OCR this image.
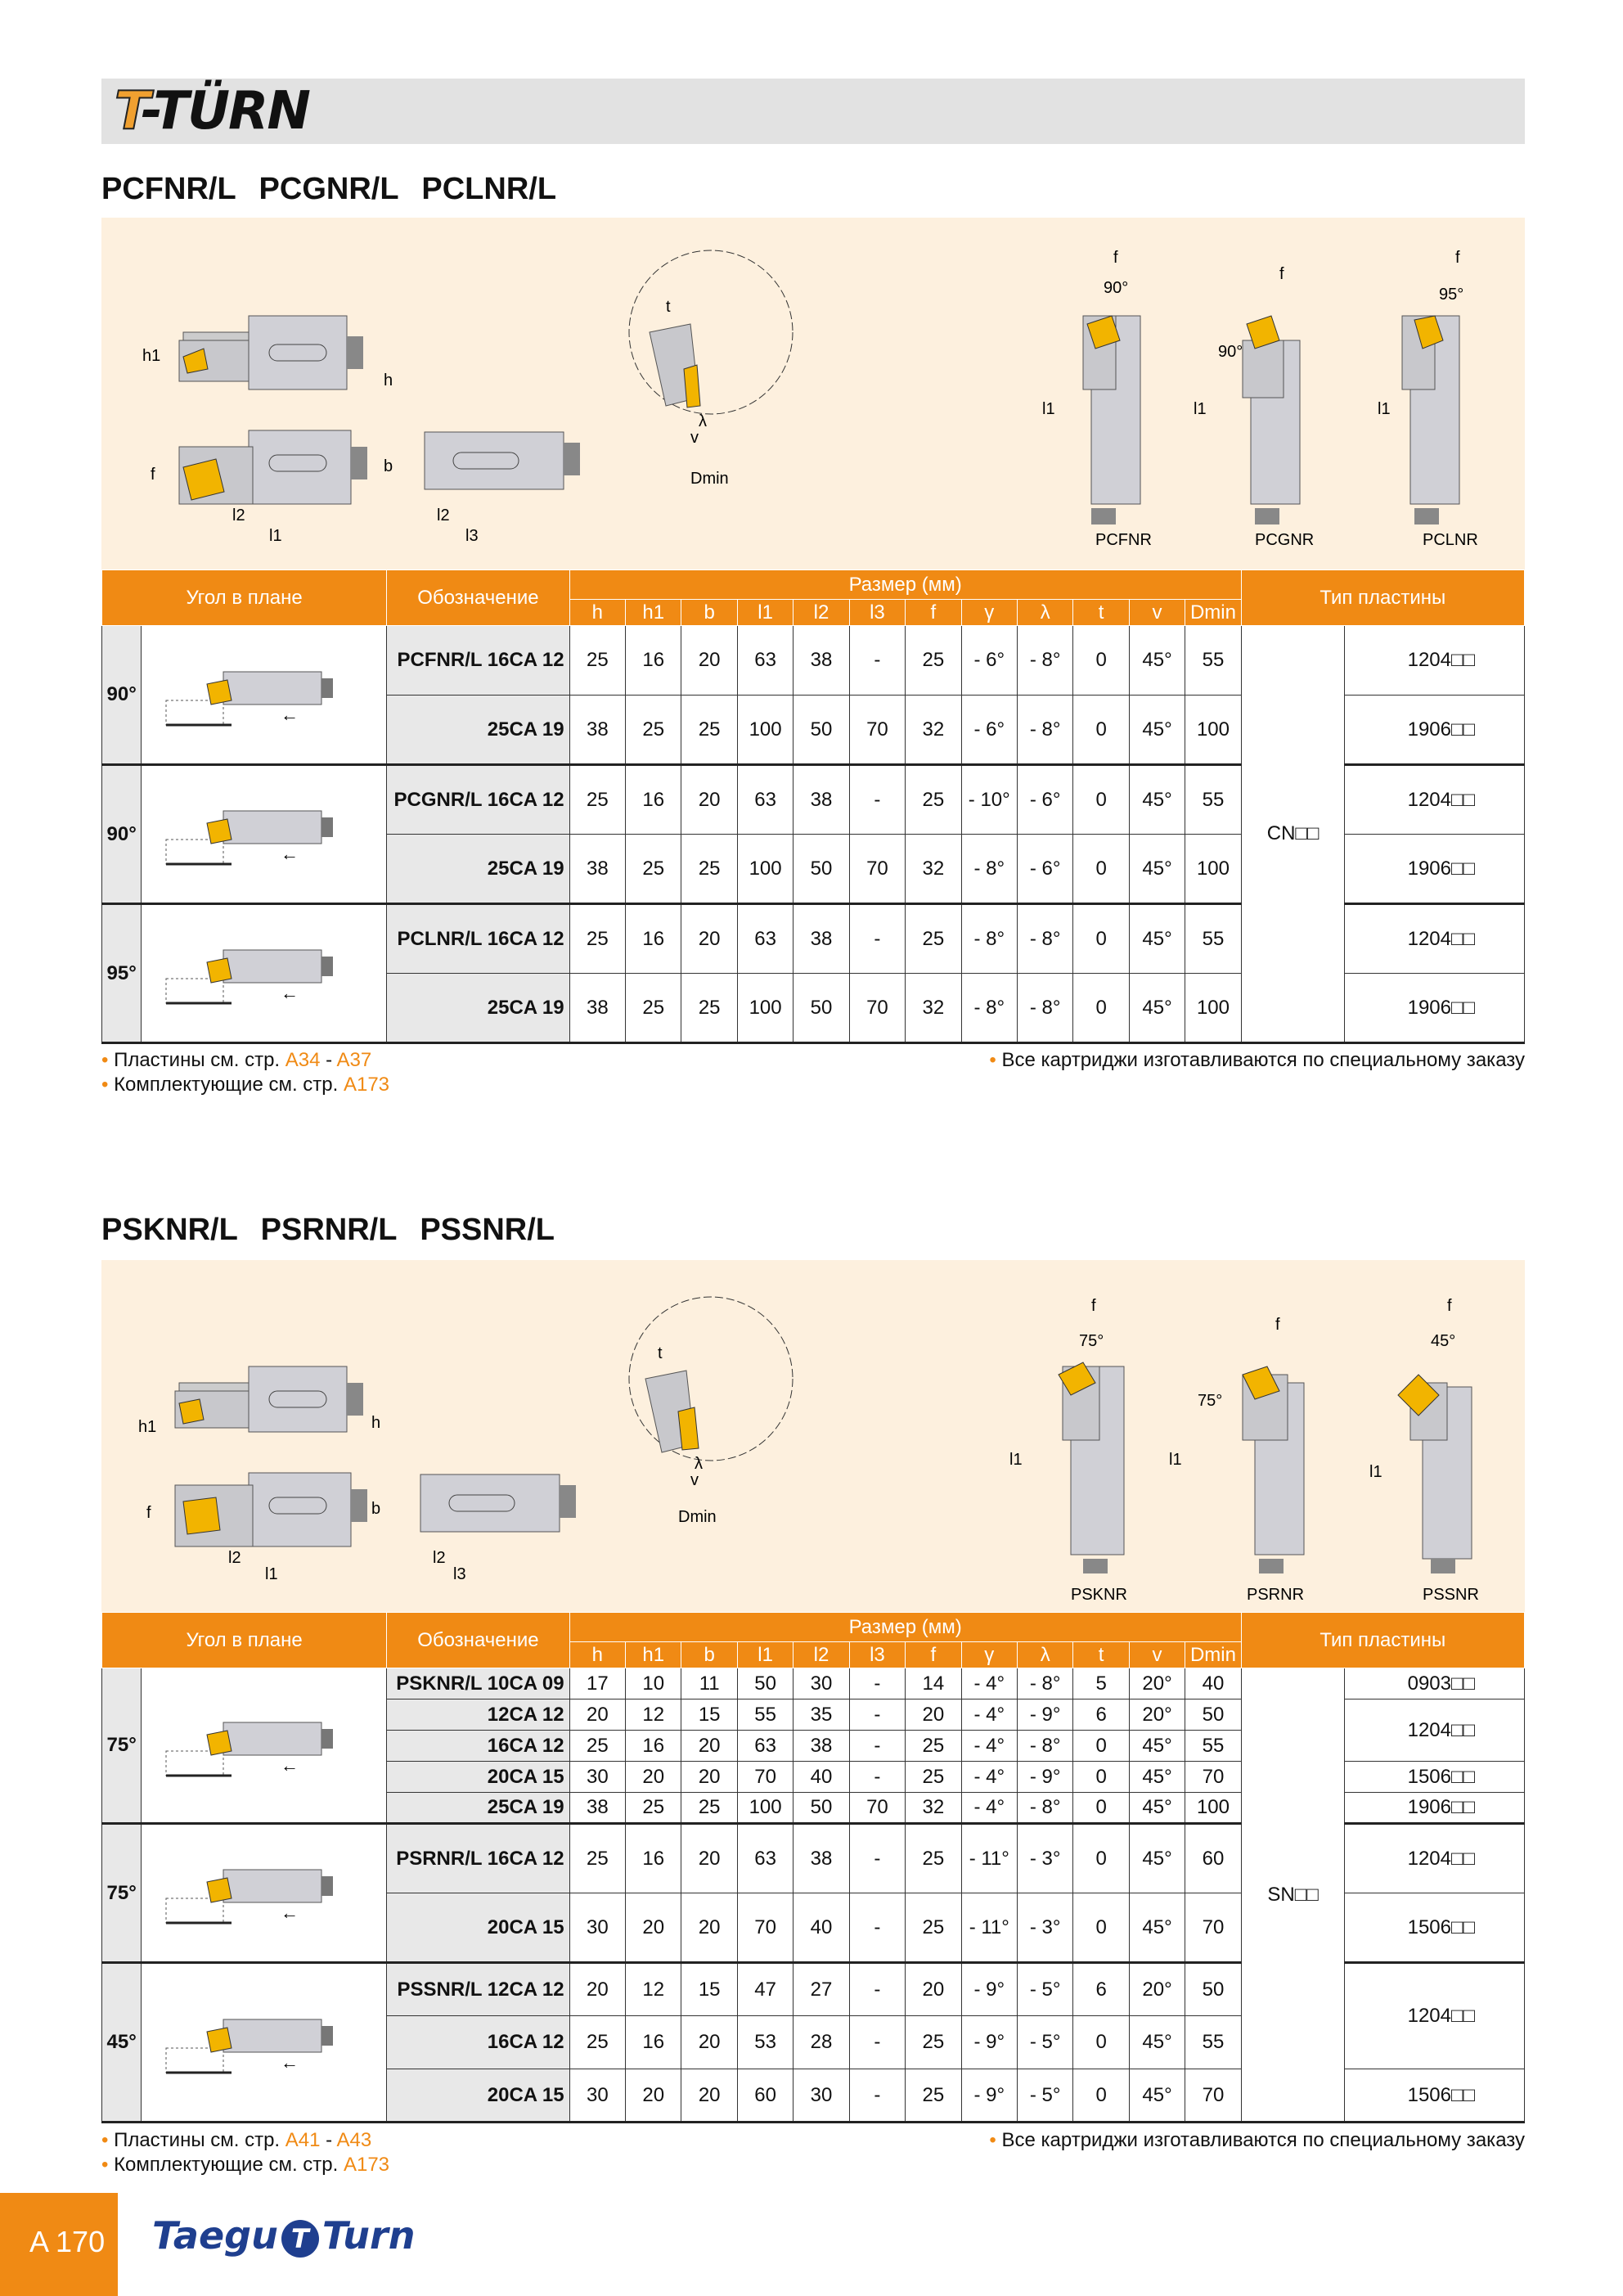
T-TÜRN
PCFNR/L PCGNR/L PCLNR/L
h1
h
f	b
l2
l1
l2
l3
t
v
λ
Dmin
90°
f
l1
PCFNR
90°
f
l1
PCGNR
95°
f
l1
PCLNR
Угол в плане		Обозначение	Размер (мм)												Тип пластины	
			h	h1	b	l1	l2	l3	f	γ	λ	t	v	Dmin		
90°	←	PCFNR/L 16CA 12	25	16	20	63	38	-	25	- 6°	- 8°	0	45°	55	CN□□	1204□□
		25CA 19	38	25	25	100	50	70	32	- 6°	- 8°	0	45°	100		1906□□
90°	←	PCGNR/L 16CA 12	25	16	20	63	38	-	25	- 10°	- 6°	0	45°	55		1204□□
		25CA 19	38	25	25	100	50	70	32	- 8°	- 6°	0	45°	100		1906□□
95°	←	PCLNR/L 16CA 12	25	16	20	63	38	-	25	- 8°	- 8°	0	45°	55		1204□□
		25CA 19	38	25	25	100	50	70	32	- 8°	- 8°	0	45°	100		1906□□
• Пластины см. стр. A34 - A37
• Комплектующие см. стр. A173
• Все картриджи изготавливаются по специальному заказу
PSKNR/L PSRNR/L PSSNR/L
h1	h
f	b
l2
l1
l2
l3
t
v
λ
Dmin
75°
f
l1
PSKNR
75°
f
l1
PSRNR
45°
f
l1
PSSNR
Угол в плане		Обозначение	Размер (мм)												Тип пластины	
			h	h1	b	l1	l2	l3	f	γ	λ	t	v	Dmin		
75°	←	PSKNR/L 10CA 09	17	10	11	50	30	-	14	- 4°	- 8°	5	20°	40	SN□□	0903□□
		12CA 12	20	12	15	55	35	-	20	- 4°	- 9°	6	20°	50		1204□□
		16CA 12	25	16	20	63	38	-	25	- 4°	- 8°	0	45°	55		
		20CA 15	30	20	20	70	40	-	25	- 4°	- 9°	0	45°	70		1506□□
		25CA 19	38	25	25	100	50	70	32	- 4°	- 8°	0	45°	100		1906□□
75°	←	PSRNR/L 16CA 12	25	16	20	63	38	-	25	- 11°	- 3°	0	45°	60		1204□□
		20CA 15	30	20	20	70	40	-	25	- 11°	- 3°	0	45°	70		1506□□
45°	←	PSSNR/L 12CA 12	20	12	15	47	27	-	20	- 9°	- 5°	6	20°	50		1204□□
		16CA 12	25	16	20	53	28	-	25	- 9°	- 5°	0	45°	55		
		20CA 15	30	20	20	60	30	-	25	- 9°	- 5°	0	45°	70		1506□□
• Пластины см. стр. A41 - A43
• Комплектующие см. стр. A173
• Все картриджи изготавливаются по специальному заказу
A 170	Taegu T Turn
